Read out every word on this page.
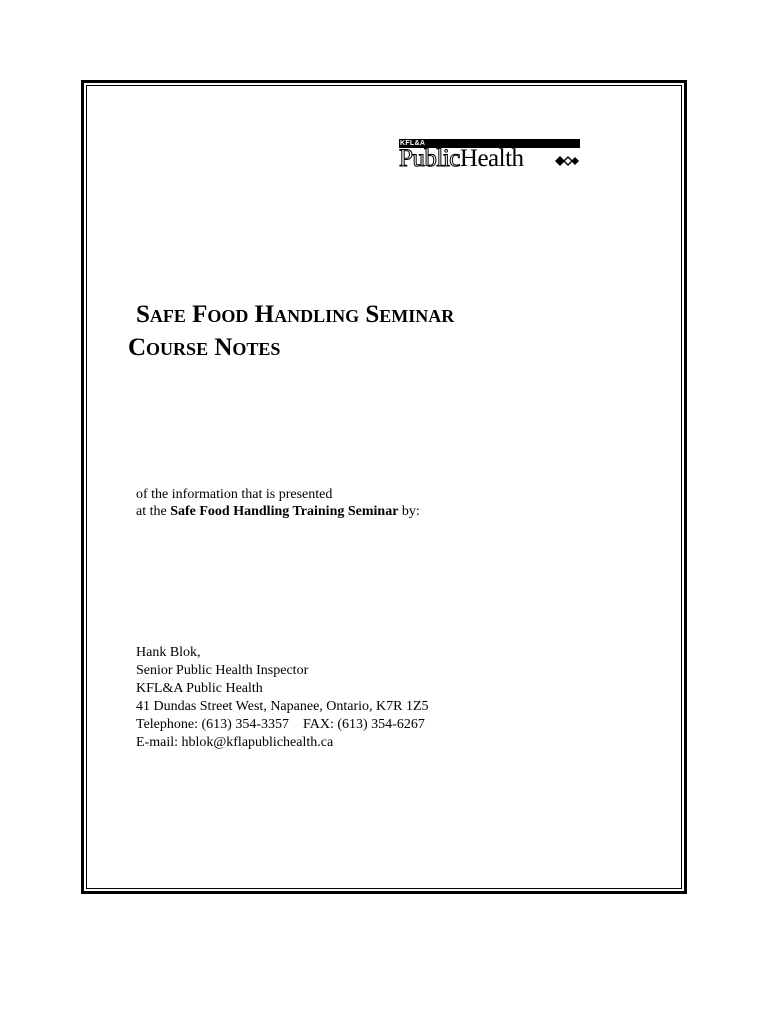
KFL&A
PublicHealth
Safe Food Handling Seminar
Course Notes
of the information that is presented
at the Safe Food Handling Training Seminar by:
Hank Blok,
Senior Public Health Inspector
KFL&A Public Health
41 Dundas Street West, Napanee, Ontario, K7R 1Z5
Telephone: (613) 354-3357    FAX: (613) 354-6267
E-mail: hblok@kflapublichealth.ca
